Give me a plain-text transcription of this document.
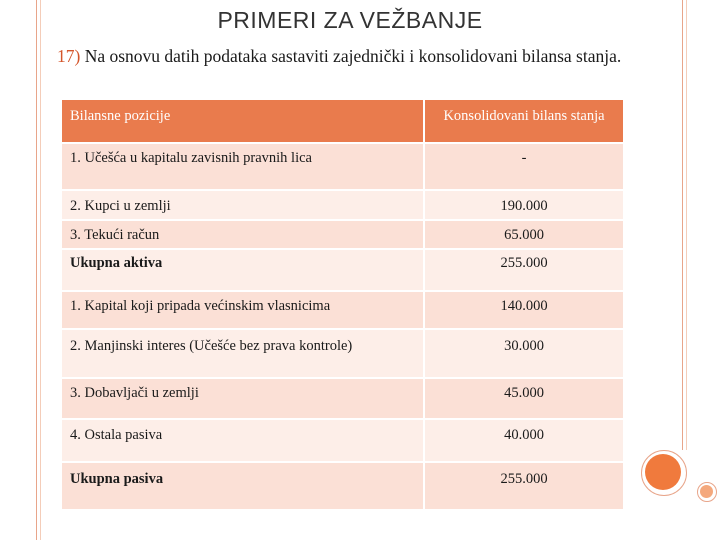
PRIMERI ZA VEŽBANJE
17) Na osnovu datih podataka sastaviti zajednički i konsolidovani bilansa stanja.
Bilansne pozicije	Konsolidovani bilans stanja
1. Učešća u kapitalu zavisnih pravnih lica	-
2. Kupci u zemlji	190.000
3. Tekući račun	65.000
Ukupna aktiva	255.000
1. Kapital koji pripada većinskim vlasnicima	140.000
2. Manjinski interes (Učešće bez prava kontrole)	30.000
3. Dobavljači u zemlji	45.000
4. Ostala pasiva	40.000
Ukupna pasiva	255.000
